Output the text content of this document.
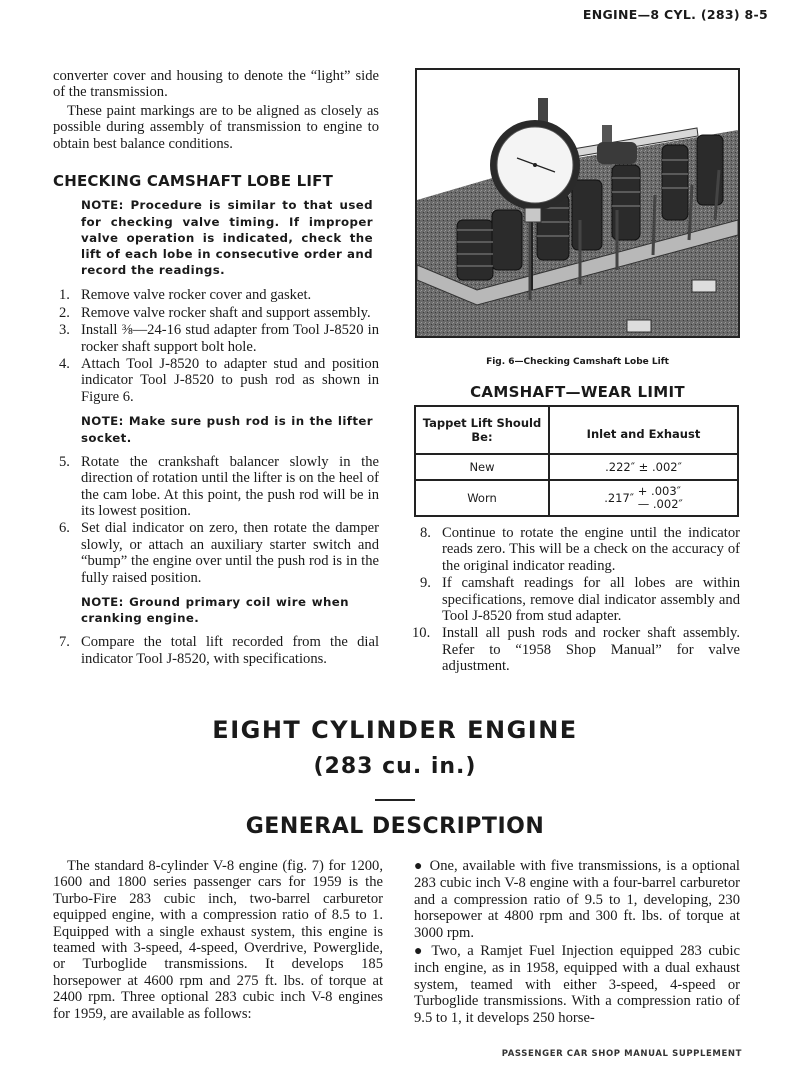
ENGINE—8 CYL. (283) 8-5

converter cover and housing to denote the “light” side of the transmission.

These paint markings are to be aligned as closely as possible during assembly of transmission to engine to obtain best balance conditions.

CHECKING CAMSHAFT LOBE LIFT
NOTE: Procedure is similar to that used for checking valve timing. If improper valve operation is indicated, check the lift of each lobe in consecutive order and record the readings.
1. Remove valve rocker cover and gasket.
2. Remove valve rocker shaft and support assembly.
3. Install ⅜—24-16 stud adapter from Tool J-8520 in rocker shaft support bolt hole.
4. Attach Tool J-8520 to adapter stud and position indicator Tool J-8520 to push rod as shown in Figure 6.
NOTE: Make sure push rod is in the lifter socket.
5. Rotate the crankshaft balancer slowly in the direction of rotation until the lifter is on the heel of the cam lobe. At this point, the push rod will be in its lowest position.
6. Set dial indicator on zero, then rotate the damper slowly, or attach an auxiliary starter switch and “bump” the engine over until the push rod is in the fully raised position.
NOTE: Ground primary coil wire when cranking engine.
7. Compare the total lift recorded from the dial indicator Tool J-8520, with specifications.
Fig. 6—Checking Camshaft Lobe Lift
CAMSHAFT—WEAR LIMIT
Tappet Lift Should Be:	Inlet and Exhaust
New	.222″ ± .002″
Worn	.217″ + .003″
— .002″
8. Continue to rotate the engine until the indicator reads zero. This will be a check on the accuracy of the original indicator reading.
9. If camshaft readings for all lobes are within specifications, remove dial indicator assembly and Tool J-8520 from stud adapter.
10. Install all push rods and rocker shaft assembly. Refer to “1958 Shop Manual” for valve adjustment.
EIGHT CYLINDER ENGINE
(283 cu. in.)
GENERAL DESCRIPTION

The standard 8-cylinder V-8 engine (fig. 7) for 1200, 1600 and 1800 series passenger cars for 1959 is the Turbo-Fire 283 cubic inch, two-barrel carburetor equipped engine, with a compression ratio of 8.5 to 1. Equipped with a single exhaust system, this engine is teamed with 3-speed, 4-speed, Overdrive, Powerglide, or Turboglide transmissions. It develops 185 horsepower at 4600 rpm and 275 ft. lbs. of torque at 2400 rpm. Three optional 283 cubic inch V-8 engines for 1959, are available as follows:

● One, available with five transmissions, is a optional 283 cubic inch V-8 engine with a four-barrel carburetor and a compression ratio of 9.5 to 1, developing, 230 horsepower at 4800 rpm and 300 ft. lbs. of torque at 3000 rpm.

● Two, a Ramjet Fuel Injection equipped 283 cubic inch engine, as in 1958, equipped with a dual exhaust system, teamed with either 3-speed, 4-speed or Turboglide transmissions. With a compression ratio of 9.5 to 1, it develops 250 horse-

PASSENGER CAR SHOP MANUAL SUPPLEMENT
